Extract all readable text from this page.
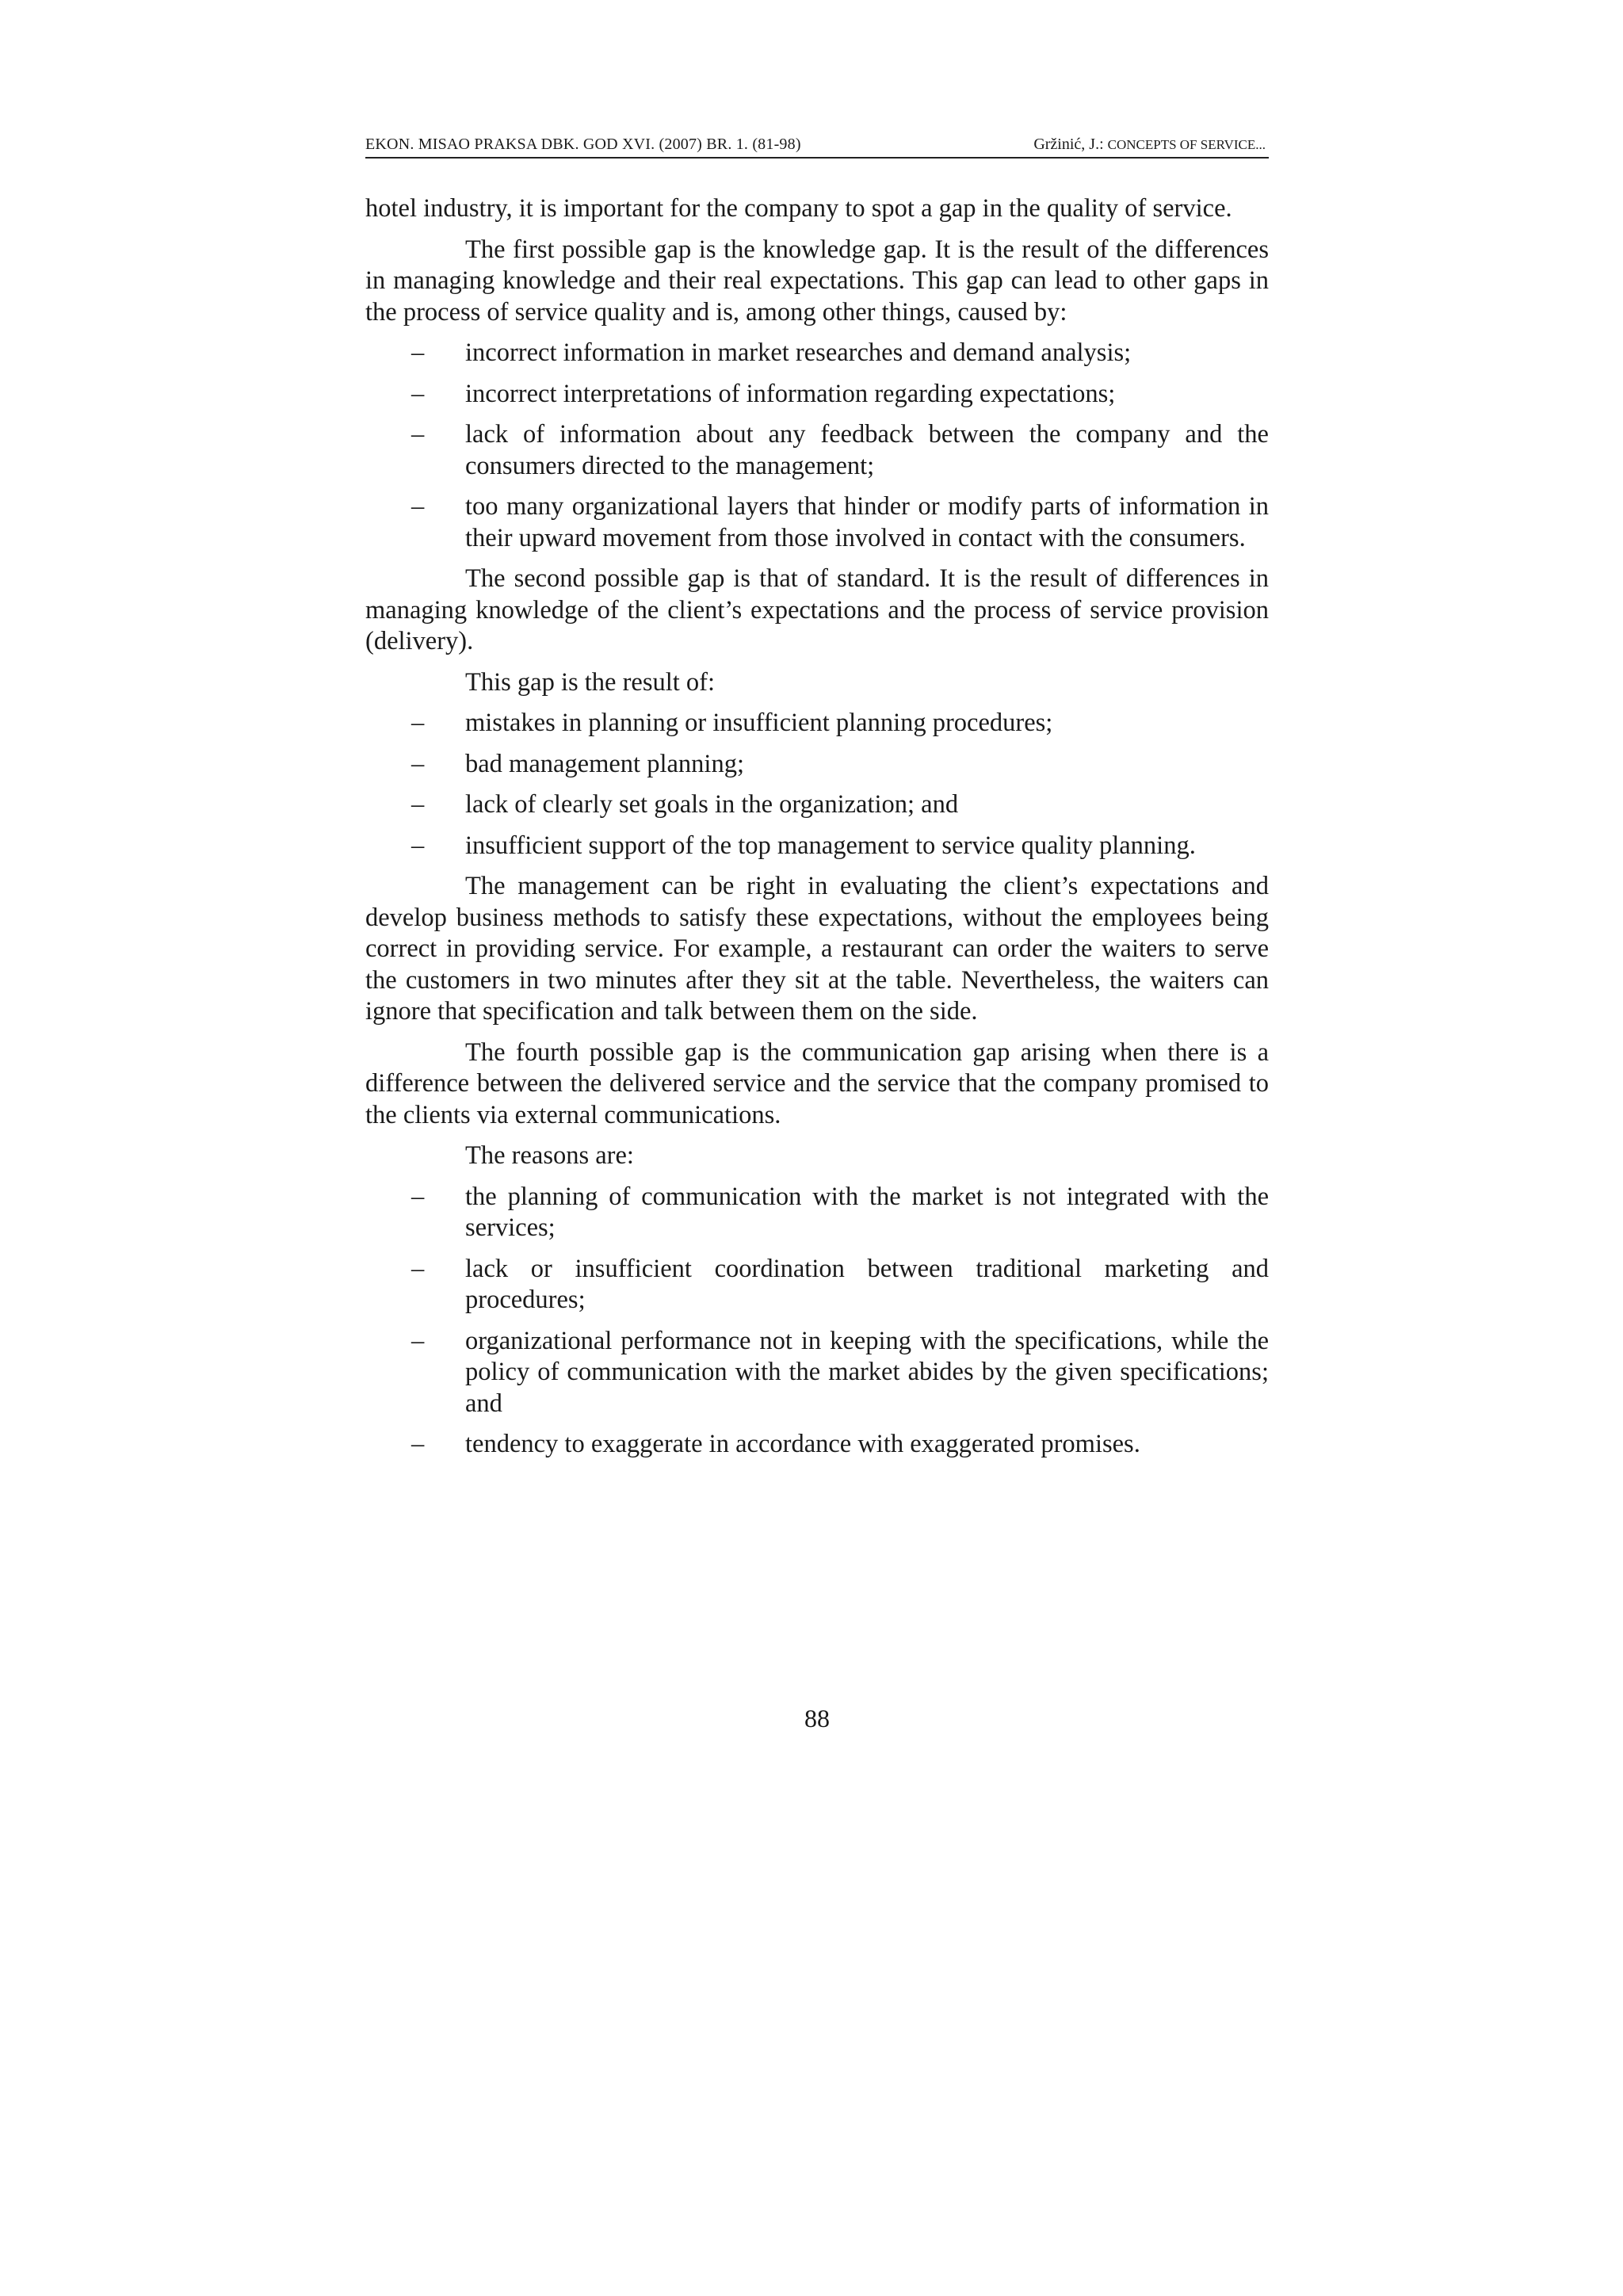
EKON. MISAO PRAKSA DBK. GOD XVI. (2007) BR. 1. (81-98)	Gržinić, J.: CONCEPTS OF SERVICE...

hotel industry, it is important for the company to spot a gap in the quality of service.

The first possible gap is the knowledge gap. It is the result of the differences in managing knowledge and their real expectations. This gap can lead to other gaps in the process of service quality and is, among other things, caused by:

– incorrect information in market researches and demand analysis;
– incorrect interpretations of information regarding expectations;
– lack of information about any feedback between the company and the consumers directed to the management;
– too many organizational layers that hinder or modify parts of information in their upward movement from those involved in contact with the consumers.

The second possible gap is that of standard. It is the result of differences in managing knowledge of the client’s expectations and the process of service provision (delivery).

This gap is the result of:

– mistakes in planning or insufficient planning procedures;
– bad management planning;
– lack of clearly set goals in the organization; and
– insufficient support of the top management to service quality planning.

The management can be right in evaluating the client’s expectations and develop business methods to satisfy these expectations, without the employees being correct in providing service. For example, a restaurant can order the waiters to serve the customers in two minutes after they sit at the table. Nevertheless, the waiters can ignore that specification and talk between them on the side.

The fourth possible gap is the communication gap arising when there is a difference between the delivered service and the service that the company promised to the clients via external communications.

The reasons are:

– the planning of communication with the market is not integrated with the services;
– lack or insufficient coordination between traditional marketing and procedures;
– organizational performance not in keeping with the specifications, while the policy of communication with the market abides by the given specifications; and
– tendency to exaggerate in accordance with exaggerated promises.
88
